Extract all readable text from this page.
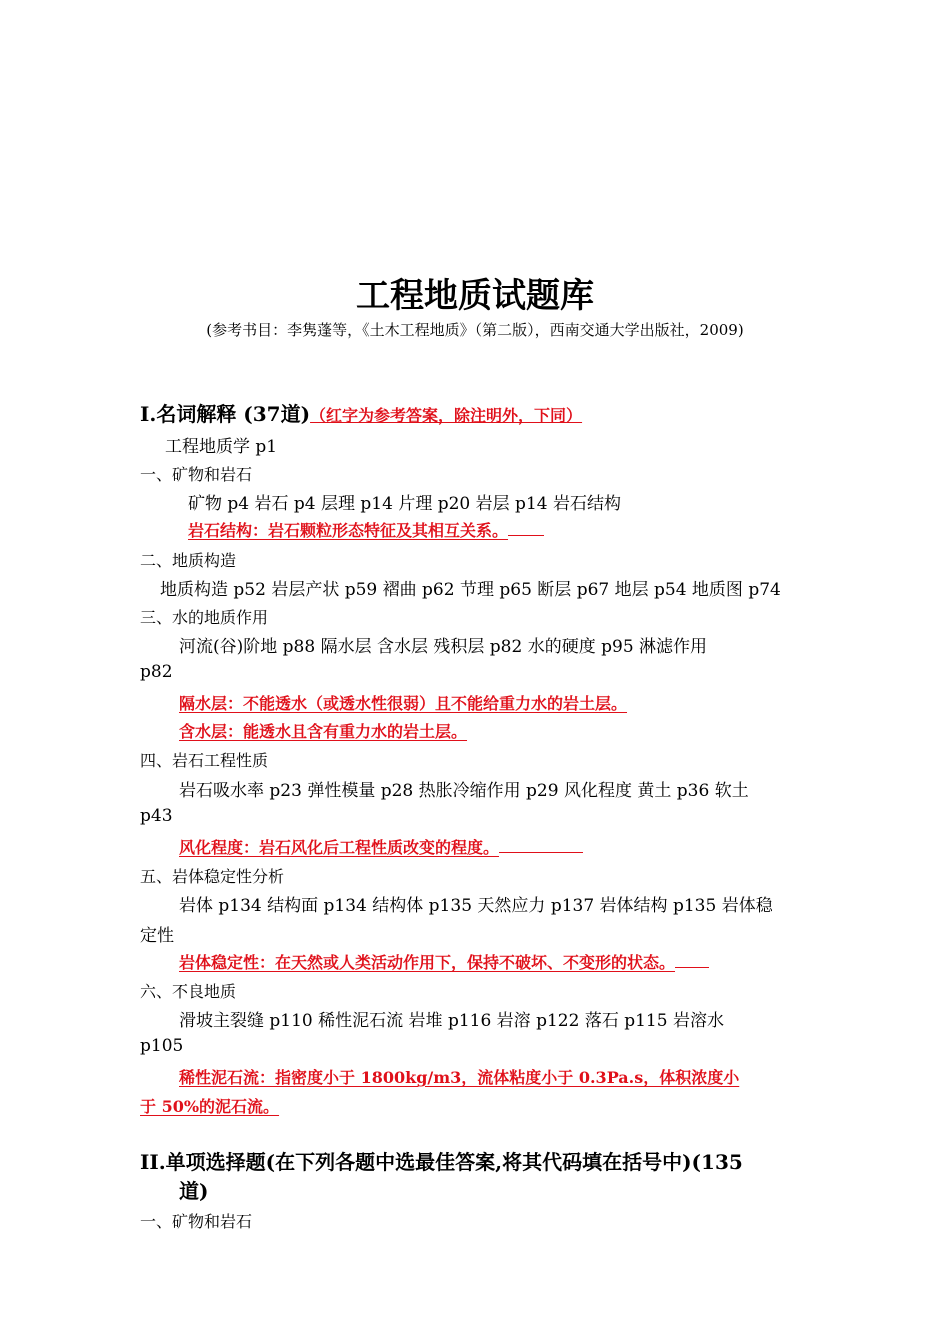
工程地质试题库
(参考书目：李隽蓬等，《土木工程地质》（第二版），西南交通大学出版社，2009)
I.名词解释 (37道)（红字为参考答案，除注明外，下同）
工程地质学 p1
一、矿物和岩石
矿物 p4 岩石 p4 层理 p14 片理 p20 岩层 p14 岩石结构
岩石结构：岩石颗粒形态特征及其相互关系。
二、地质构造
地质构造 p52 岩层产状 p59 褶曲 p62 节理 p65 断层 p67 地层 p54 地质图 p74
三、水的地质作用
河流(谷)阶地 p88 隔水层 含水层 残积层 p82 水的硬度 p95 淋滤作用
p82
隔水层：不能透水（或透水性很弱）且不能给重力水的岩土层。
含水层：能透水且含有重力水的岩土层。
四、岩石工程性质
岩石吸水率 p23 弹性模量 p28 热胀冷缩作用 p29 风化程度 黄土 p36 软土
p43
风化程度：岩石风化后工程性质改变的程度。
五、岩体稳定性分析
岩体 p134 结构面 p134 结构体 p135 天然应力 p137 岩体结构 p135 岩体稳
定性
岩体稳定性：在天然或人类活动作用下，保持不破坏、不变形的状态。
六、不良地质
滑坡主裂缝 p110 稀性泥石流 岩堆 p116 岩溶 p122 落石 p115 岩溶水
p105
稀性泥石流：指密度小于 1800kg/m3，流体粘度小于 0.3Pa.s，体积浓度小
于 50%的泥石流。
II.单项选择题(在下列各题中选最佳答案,将其代码填在括号中)(135
道)
一、矿物和岩石
